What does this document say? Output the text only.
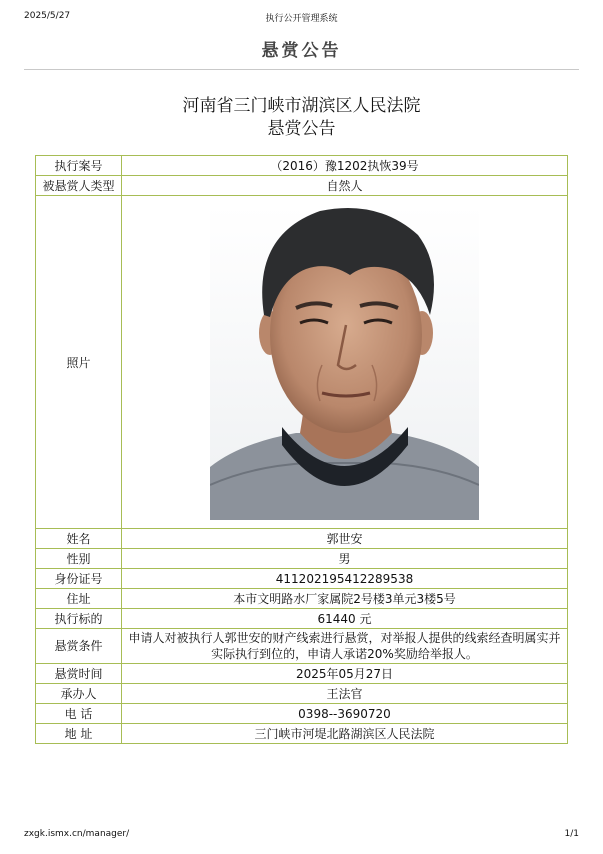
2025/5/27	执行公开管理系统
悬赏公告
河南省三门峡市湖滨区人民法院
悬赏公告
执行案号	（2016）豫1202执恢39号
被悬赏人类型	自然人
照片	

姓名	郭世安
性别	男
身份证号	411202195412289538
住址	本市文明路水厂家属院2号楼3单元3楼5号
执行标的	61440 元
悬赏条件	申请人对被执行人郭世安的财产线索进行悬赏，对举报人提供的线索经查明属实并实际执行到位的，申请人承诺20%奖励给举报人。
悬赏时间	2025年05月27日
承办人	王法官
电 话	0398--3690720
地 址	三门峡市河堤北路湖滨区人民法院
zxgk.ismx.cn/manager/	1/1
